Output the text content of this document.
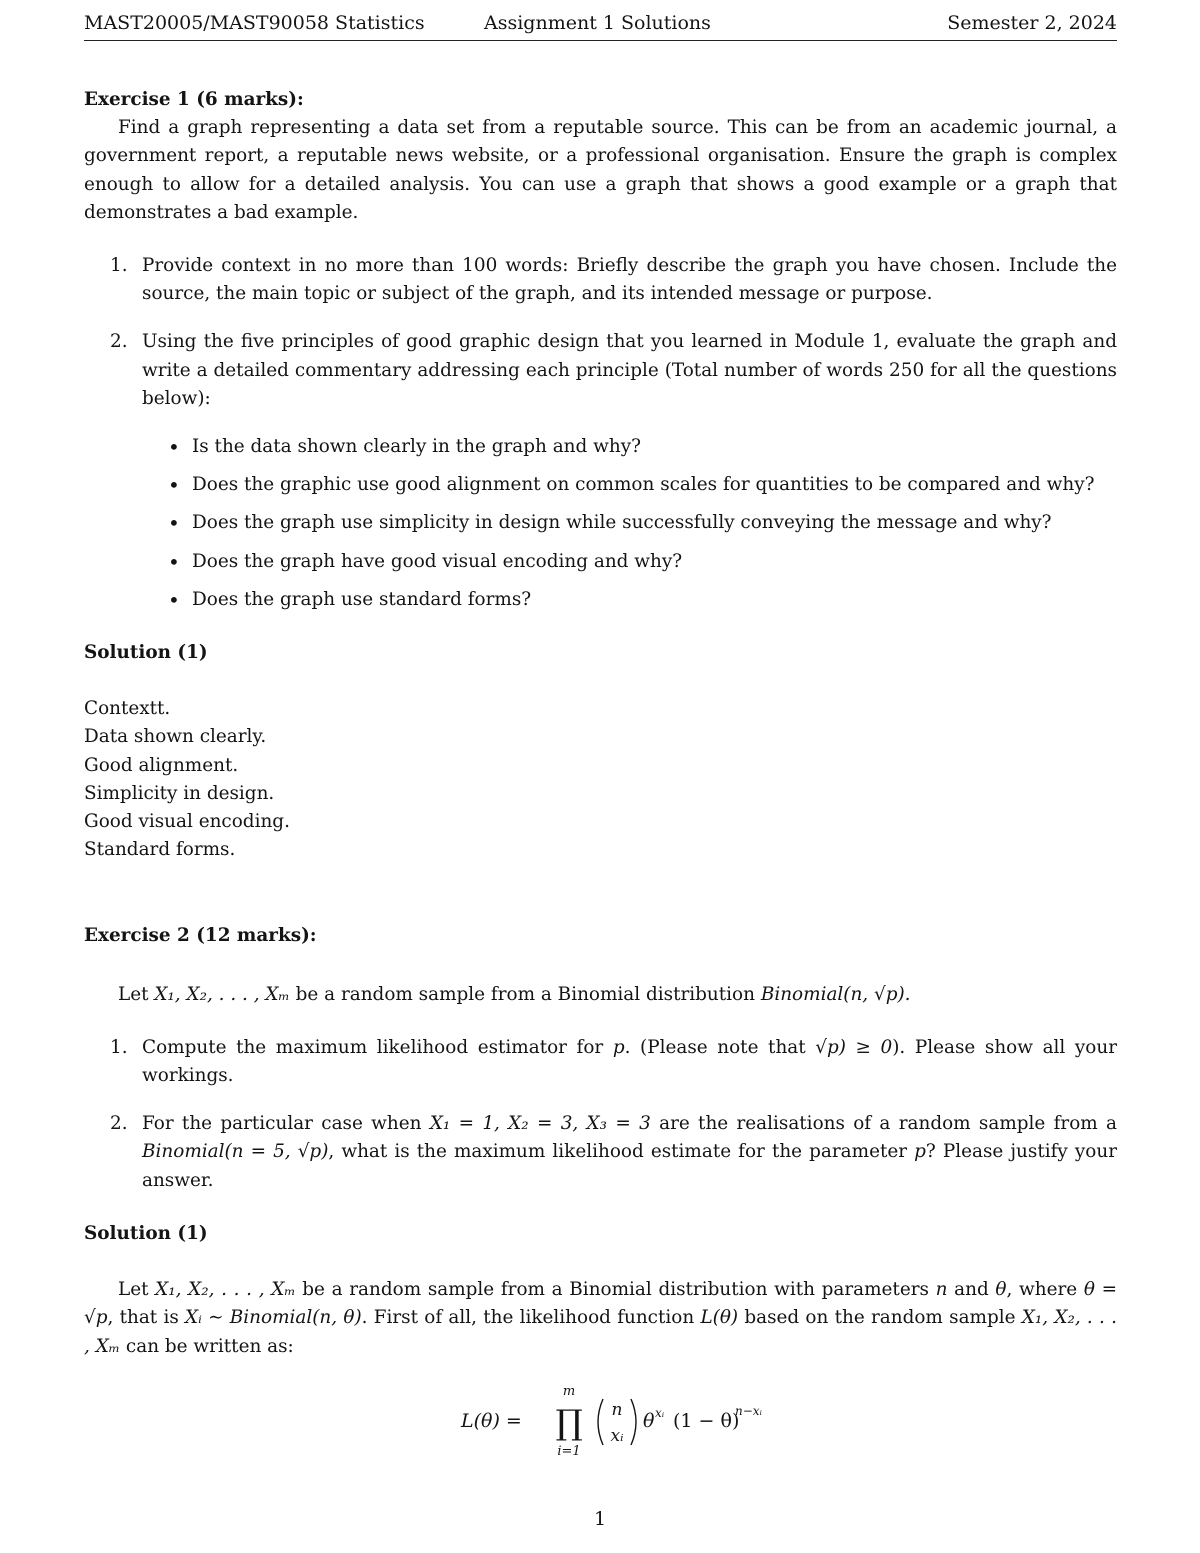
MAST20005/MAST90058 Statistics	Assignment 1 Solutions	Semester 2, 2024

Exercise 1 (6 marks):

Find a graph representing a data set from a reputable source. This can be from an academic journal, a government report, a reputable news website, or a professional organisation. Ensure the graph is complex enough to allow for a detailed analysis. You can use a graph that shows a good example or a graph that demonstrates a bad example.

1. Provide context in no more than 100 words: Briefly describe the graph you have chosen. Include the source, the main topic or subject of the graph, and its intended message or purpose.
2. Using the five principles of good graphic design that you learned in Module 1, evaluate the graph and write a detailed commentary addressing each principle (Total number of words 250 for all the questions below):
• Is the data shown clearly in the graph and why?
• Does the graphic use good alignment on common scales for quantities to be compared and why?
• Does the graph use simplicity in design while successfully conveying the message and why?
• Does the graph have good visual encoding and why?
• Does the graph use standard forms?

Solution (1)

Contextt.

Data shown clearly.

Good alignment.

Simplicity in design.

Good visual encoding.

Standard forms.

Exercise 2 (12 marks):

Let X₁, X₂, . . . , Xₘ be a random sample from a Binomial distribution Binomial(n, √p).

1. Compute the maximum likelihood estimator for p. (Please note that √p) ≥ 0). Please show all your workings.
2. For the particular case when X₁ = 1, X₂ = 3, X₃ = 3 are the realisations of a random sample from a Binomial(n = 5, √p), what is the maximum likelihood estimate for the parameter p? Please justify your answer.

Solution (1)

Let X₁, X₂, . . . , Xₘ be a random sample from a Binomial distribution with parameters n and θ, where θ = √p, that is Xᵢ ∼ Binomial(n, θ). First of all, the likelihood function L(θ) based on the random sample X₁, X₂, . . . , Xₘ can be written as:

L(θ) =
m
∏
i=1
n
xᵢ
θ xᵢ (1 − θ)
n−xᵢ
1
